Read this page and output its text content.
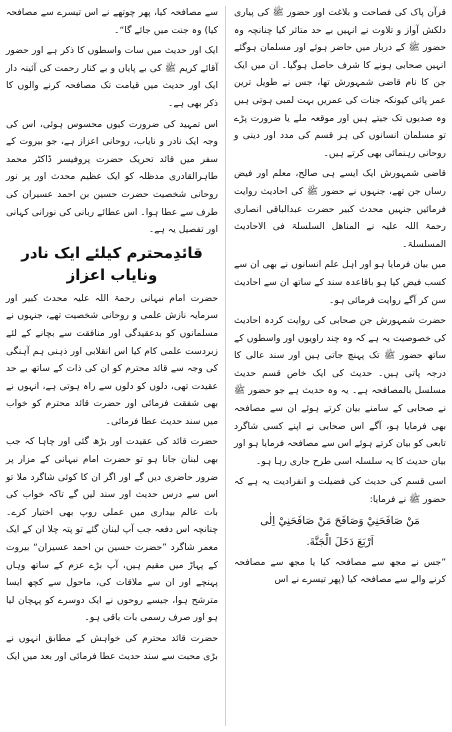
قرآن پاک کی فصاحت و بلاغت اور حضور ﷺ کی پیاری دلکش آواز و تلاوت نے انہیں بے حد متاثر کیا چنانچہ وہ حضور ﷺ کے دربار میں حاضر ہوئے اور مسلمان ہوگئے انہیں صحابی ہونے کا شرف حاصل ہوگیا۔ ان میں ایک جن کا نام قاضی شمہورش تھا، جس نے طویل ترین عمر پائی کیونکہ جنات کی عمریں بہت لمبی ہوتی ہیں وہ صدیوں تک جیتے ہیں اور موقعہ ملے یا ضرورت پڑے تو مسلمان انسانوں کی ہر قسم کی مدد اور دینی و روحانی رہنمائی بھی کرتے ہیں۔

قاضی شمہورش ایک ایسے ہی صالح، معلم اور فیض رساں جن تھے، جنہوں نے حضور ﷺ کی احادیث روایت فرمائیں جنہیں محدث کبیر حضرت عبدالباقی انصاری رحمۃ اللہ علیہ نے المناھل السلسلۃ فی الاحادیث المسلسلۃ۔

میں بیان فرمایا ہو اور اہل علم انسانوں نے بھی ان سے کسب فیض کیا ہو باقاعدہ سند کے ساتھ ان سے احادیث سن کر آگے روایت فرمائی ہو۔

حضرت شمہورش جن صحابی کی روایت کردہ احادیث کی خصوصیت یہ ہے کہ وہ چند راویوں اور واسطوں کے ساتھ حضور ﷺ تک پہنچ جاتی ہیں اور سند عالی کا درجہ پاتی ہیں۔ حدیث کی ایک خاص قسم حدیث مسلسل بالمصافحہ ہے۔ یہ وہ حدیث ہے جو حضور ﷺ نے صحابی کے سامنے بیان کرتے ہوئے ان سے مصافحہ بھی فرمایا ہو، آگے اس صحابی نے اپنے کسی شاگرد تابعی کو بیان کرتے ہوئے اس سے مصافحہ فرمایا ہو اور بیان حدیث کا یہ سلسلہ اسی طرح جاری رہا ہو۔

اسی قسم کی حدیث کی فضیلت و انفرادیت یہ ہے کہ حضور ﷺ نے فرمایا:

مَنْ صَافَحَنِيْ وَصَافَحَ مَنْ صَافَحَنِيْ اِلٰى
اَرْبَعَ دَخَلَ الْجَنَّةَ.

”جس نے مجھ سے مصافحہ کیا یا مجھ سے مصافحہ کرنے والے سے مصافحہ کیا (پھر تیسرے نے اس

سے مصافحہ کیا، پھر چوتھے نے اس تیسرے سے مصافحہ کیا) وہ جنت میں جائے گا“۔

ایک اور حدیث میں سات واسطوں کا ذکر ہے اور حضور آقائے کریم ﷺ کی بے پایاں و بے کنار رحمت کی آئینہ دار ایک اور حدیث میں قیامت تک مصافحہ کرنے والوں کا ذکر بھی ہے۔

اس تمہید کی ضرورت کیوں محسوس ہوئی، اس کی وجہ ایک نادر و نایاب، روحانی اعزاز ہے، جو بیروت کے سفر میں قائد تحریک حضرت پروفیسر ڈاکٹر محمد طاہرالقادری مدظلہ کو ایک عظیم محدث اور پر نور روحانی شخصیت حضرت حسین بن احمد عسیران کی طرف سے عطا ہوا۔ اس عطائے ربانی کی نورانی کہانی اور تفصیل یہ ہے۔

قائدِمحترم کیلئے ایک نادر ونایاب اعزاز

حضرت امام نبہانی رحمۃ اللہ علیہ محدث کبیر اور سرمایہ نازش علمی و روحانی شخصیت تھے، جنہوں نے مسلمانوں کو بدعقیدگی اور منافقت سے بچانے کے لئے زبردست علمی کام کیا اس انقلابی اور ذہنی ہم آہنگی کی وجہ سے قائد محترم کو ان کی ذات کے ساتھ بے حد عقیدت تھی، دلوں کو دلوں سے راہ ہوتی ہے، انہوں نے بھی شفقت فرمائی اور حضرت قائد محترم کو خواب میں سند حدیث عطا فرمائی۔

حضرت قائد کی عقیدت اور بڑھ گئی اور چاہا کہ جب بھی لبنان جانا ہو تو حضرت امام نبہانی کے مزار پر ضرور حاضری دیں گے اور اگر ان کا کوئی شاگرد ملا تو اس سے درس حدیث اور سند لیں گے تاکہ خواب کی بات عالم بیداری میں عملی روپ بھی اختیار کرے۔ چنانچہ اس دفعہ جب آپ لبنان گئے تو پتہ چلا ان کے ایک معمر شاگرد ”حضرت حسین بن احمد عسیران“ بیروت کے پہاڑ میں مقیم ہیں، آپ بڑے عزم کے ساتھ وہاں پہنچے اور ان سے ملاقات کی، ماحول سے کچھ ایسا مترشح ہوا، جیسے روحوں نے ایک دوسرے کو پہچان لیا ہو اور صرف رسمی بات باقی ہو۔

حضرت قائد محترم کی خواہش کے مطابق انہوں نے بڑی محبت سے سند حدیث عطا فرمائی اور بعد میں ایک
